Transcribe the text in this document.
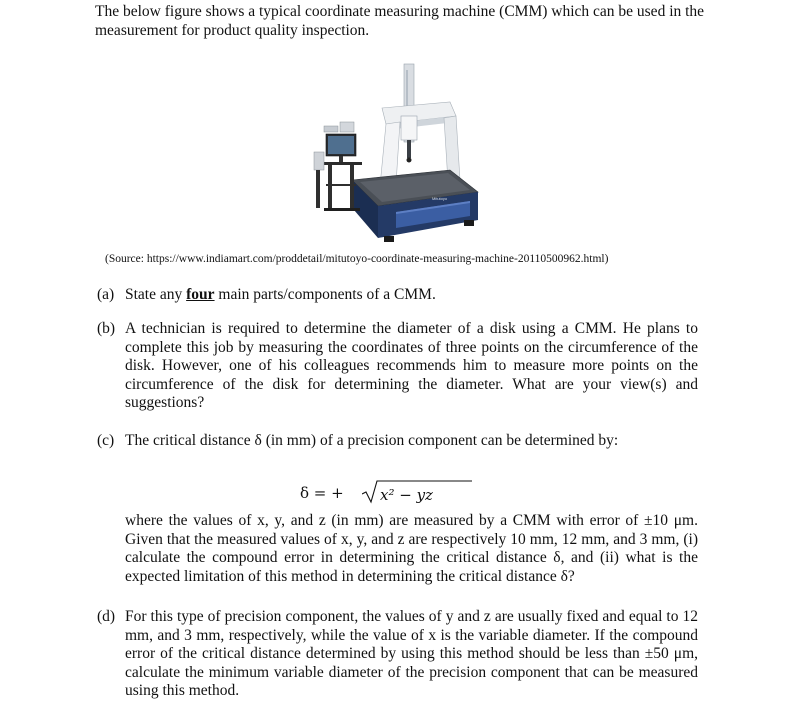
The below figure shows a typical coordinate measuring machine (CMM) which can be used in the measurement for product quality inspection.
Mitutoyo
(Source: https://www.indiamart.com/proddetail/mitutoyo-coordinate-measuring-machine-20110500962.html)
(a) State any four main parts/components of a CMM.
(b) A technician is required to determine the diameter of a disk using a CMM. He plans to complete this job by measuring the coordinates of three points on the circumference of the disk. However, one of his colleagues recommends him to measure more points on the circumference of the disk for determining the diameter. What are your view(s) and suggestions?
(c) The critical distance δ (in mm) of a precision component can be determined by:
δ = + x² − yz
where the values of x, y, and z (in mm) are measured by a CMM with error of ±10 μm. Given that the measured values of x, y, and z are respectively 10 mm, 12 mm, and 3 mm, (i) calculate the compound error in determining the critical distance δ, and (ii) what is the expected limitation of this method in determining the critical distance δ?
(d) For this type of precision component, the values of y and z are usually fixed and equal to 12 mm, and 3 mm, respectively, while the value of x is the variable diameter. If the compound error of the critical distance determined by using this method should be less than ±50 μm, calculate the minimum variable diameter of the precision component that can be measured using this method.
